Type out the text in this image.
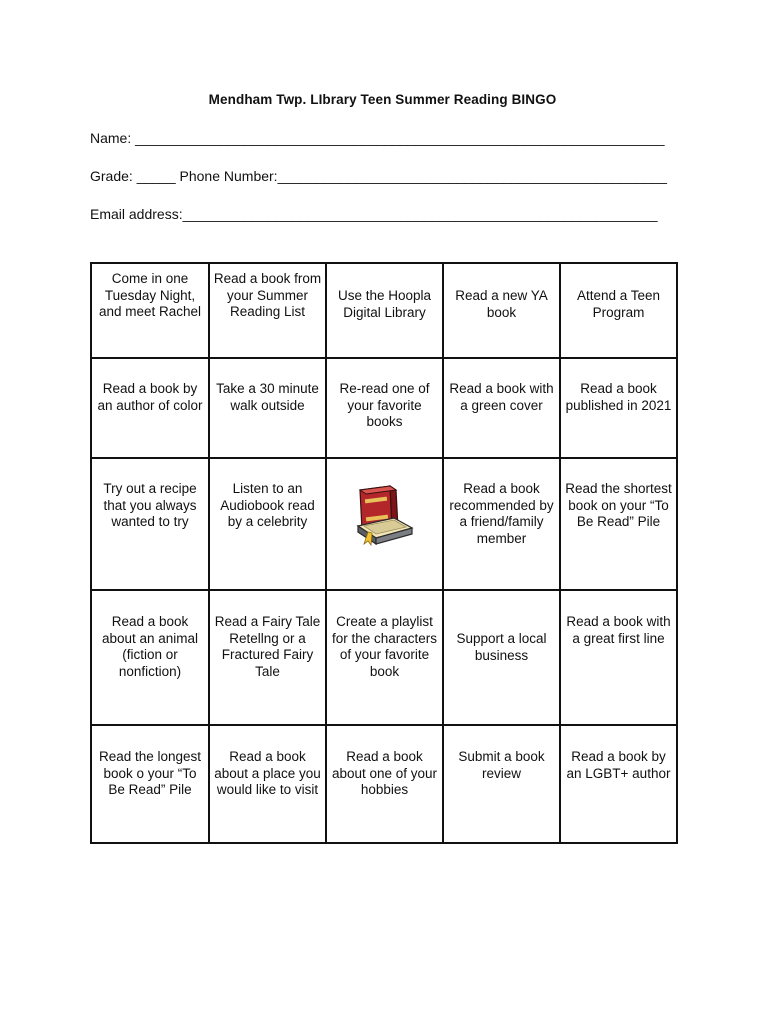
Mendham Twp. LIbrary Teen Summer Reading BINGO
Name: ____________________________________________________________________
Grade: _____ Phone Number:__________________________________________________
Email address:_____________________________________________________________
Come in one Tuesday Night, and meet Rachel	Read a book from your Summer Reading List	Use the Hoopla Digital Library	Read a new YA book	Attend a Teen Program

Read a book by an author of color	Take a 30 minute walk outside	Re-read one of your favorite books	Read a book with a green cover	Read a book published in 2021

Try out a recipe that you always wanted to try	Listen to an Audiobook read by a celebrity		Read a book recommended by a friend/family member	Read the shortest book on your “To Be Read” Pile

Read a book about an animal (fiction or nonfiction)	Read a Fairy Tale Retellng or a Fractured Fairy Tale	Create a playlist for the characters of your favorite book	Support a local business	Read a book with a great first line

Read the longest book o your “To Be Read” Pile	Read a book about a place you would like to visit	Read a book about one of your hobbies	Submit a book review	Read a book by an LGBT+ author
